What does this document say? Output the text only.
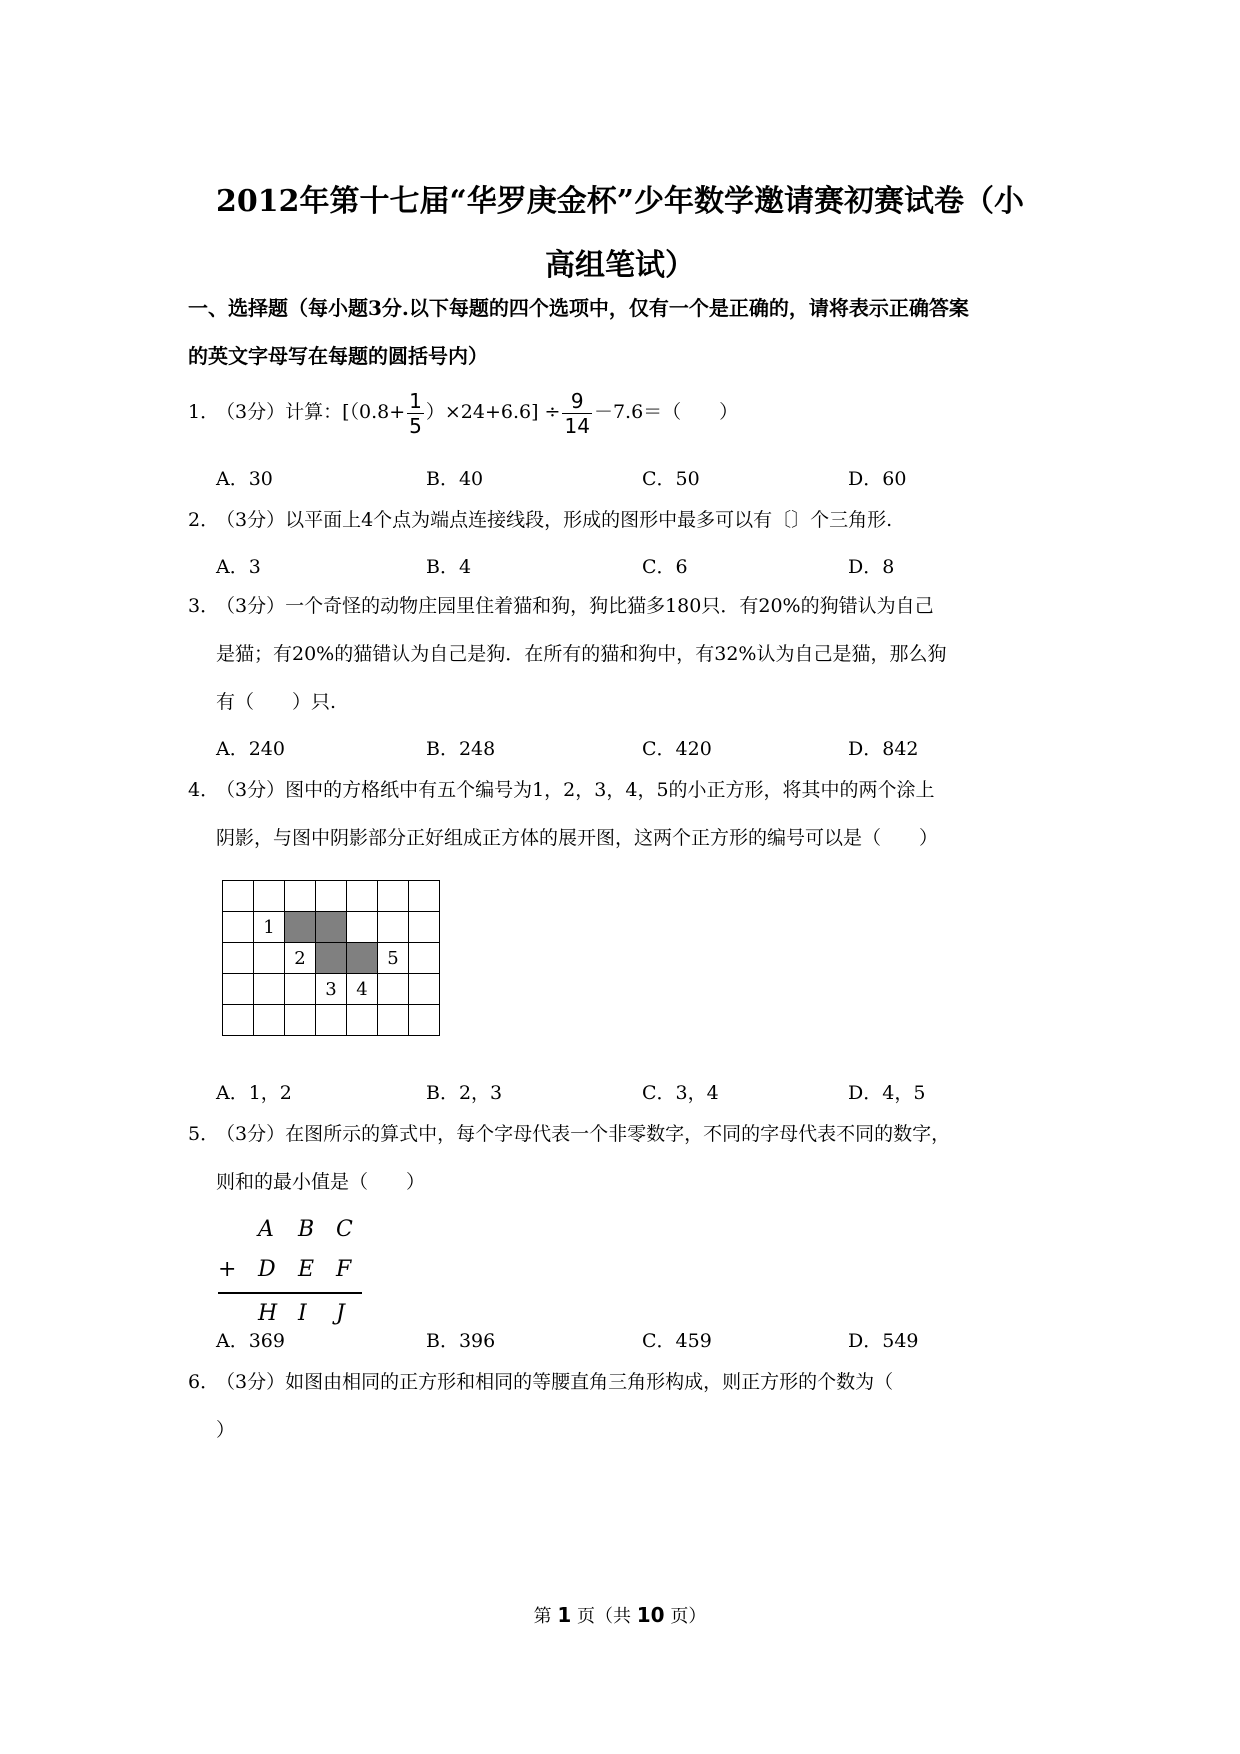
2012年第十七届“华罗庚金杯”少年数学邀请赛初赛试卷（小
高组笔试）
一、选择题（每小题3分.以下每题的四个选项中，仅有一个是正确的，请将表示正确答案
的英文字母写在每题的圆括号内）
1．
（3分）计算：$[(0.8+ \frac{1}{5} )\times 24+6.6] \div \frac{9}{14} -7.6=$（　　）
A．30	B．40	C．50	D．60
2．
（3分）以平面上4个点为端点连接线段，形成的图形中最多可以有〔〕个三角形.
A．3	B．4	C．6	D．8
3．
（3分）一个奇怪的动物庄园里住着猫和狗，狗比猫多180只．有20%的狗错认为自己
是猫；有20%的猫错认为自己是狗．在所有的猫和狗中，有32%认为自己是猫，那么狗
有（　　）只.
A．240	B．248	C．420	D．842
4．
（3分）图中的方格纸中有五个编号为1，2，3，4，5的小正方形，将其中的两个涂上
阴影，与图中阴影部分正好组成正方体的展开图，这两个正方形的编号可以是（　　）

	1					
		2			5	
			3	4		

A．1，2	B．2，3	C．3，4	D．4，5
5．
（3分）在图所示的算式中，每个字母代表一个非零数字，不同的字母代表不同的数字，
则和的最小值是（　　）
A B C
+ D E F
H I J
A．369	B．396	C．459	D．549
6．
（3分）如图由相同的正方形和相同的等腰直角三角形构成，则正方形的个数为（
）
第 1 页（共 10 页）
